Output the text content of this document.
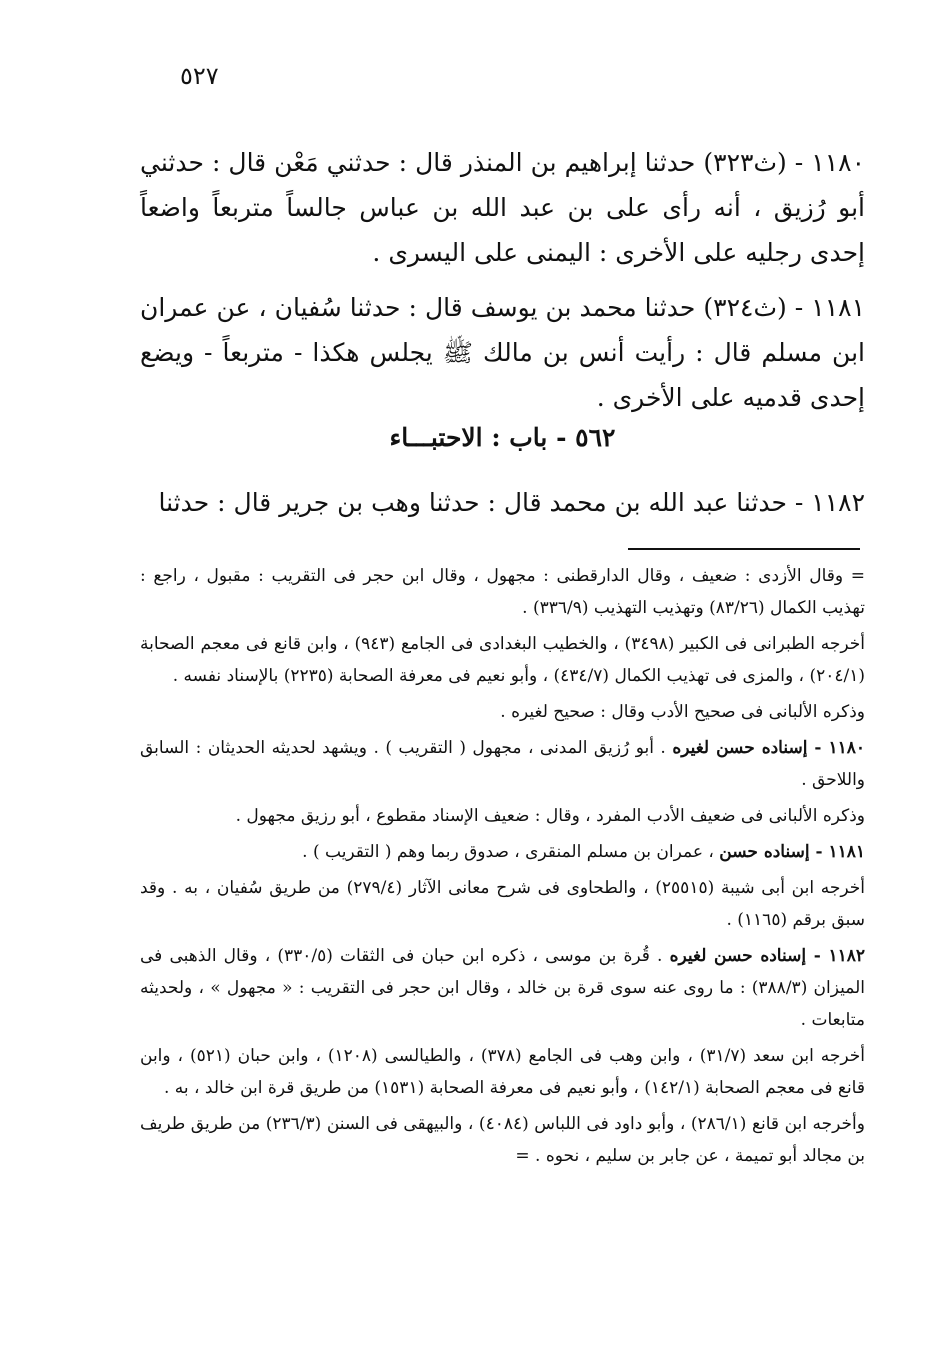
٥٢٧

١١٨٠ - (ث٣٢٣) حدثنا إبراهيم بن المنذر قال : حدثني مَعْن قال : حدثني أبو رُزيق ، أنه رأى على بن عبد الله بن عباس جالساً متربعاً واضعاً إحدى رجليه على الأخرى : اليمنى على اليسرى .

١١٨١ - (ث٣٢٤) حدثنا محمد بن يوسف قال : حدثنا سُفيان ، عن عمران ابن مسلم قال : رأيت أنس بن مالك ﷺ يجلس هكذا - متربعاً - ويضع إحدى قدميه على الأخرى .

٥٦٢ - باب : الاحتبـــاء

١١٨٢ - حدثنا عبد الله بن محمد قال : حدثنا وهب بن جرير قال : حدثنا

= وقال الأزدى : ضعيف ، وقال الدارقطنى : مجهول ، وقال ابن حجر فى التقريب : مقبول ، راجع : تهذيب الكمال (٨٣/٢٦) وتهذيب التهذيب (٣٣٦/٩) .

أخرجه الطبرانى فى الكبير (٣٤٩٨) ، والخطيب البغدادى فى الجامع (٩٤٣) ، وابن قانع فى معجم الصحابة (٢٠٤/١) ، والمزى فى تهذيب الكمال (٤٣٤/٧) ، وأبو نعيم فى معرفة الصحابة (٢٢٣٥) بالإسناد نفسه .

وذكره الألبانى فى صحيح الأدب وقال : صحيح لغيره .

١١٨٠ - إسناده حسن لغيره . أبو رُزيق المدنى ، مجهول ( التقريب ) . ويشهد لحديثه الحديثان : السابق واللاحق .

وذكره الألبانى فى ضعيف الأدب المفرد ، وقال : ضعيف الإسناد مقطوع ، أبو رزيق مجهول .

١١٨١ - إسناده حسن ، عمران بن مسلم المنقرى ، صدوق ربما وهم ( التقريب ) .

أخرجه ابن أبى شيبة (٢٥٥١٥) ، والطحاوى فى شرح معانى الآثار (٢٧٩/٤) من طريق سُفيان ، به . وقد سبق برقم (١١٦٥) .

١١٨٢ - إسناده حسن لغيره . قُرة بن موسى ، ذكره ابن حبان فى الثقات (٣٣٠/٥) ، وقال الذهبى فى الميزان (٣٨٨/٣) : ما روى عنه سوى قرة بن خالد ، وقال ابن حجر فى التقريب : « مجهول » ، ولحديثه متابعات .

أخرجه ابن سعد (٣١/٧) ، وابن وهب فى الجامع (٣٧٨) ، والطيالسى (١٢٠٨) ، وابن حبان (٥٢١) ، وابن قانع فى معجم الصحابة (١٤٢/١) ، وأبو نعيم فى معرفة الصحابة (١٥٣١) من طريق قرة ابن خالد ، به .

وأخرجه ابن قانع (٢٨٦/١) ، وأبو داود فى اللباس (٤٠٨٤) ، والبيهقى فى السنن (٢٣٦/٣) من طريق طريف بن مجالد أبو تميمة ، عن جابر بن سليم ، نحوه . =
